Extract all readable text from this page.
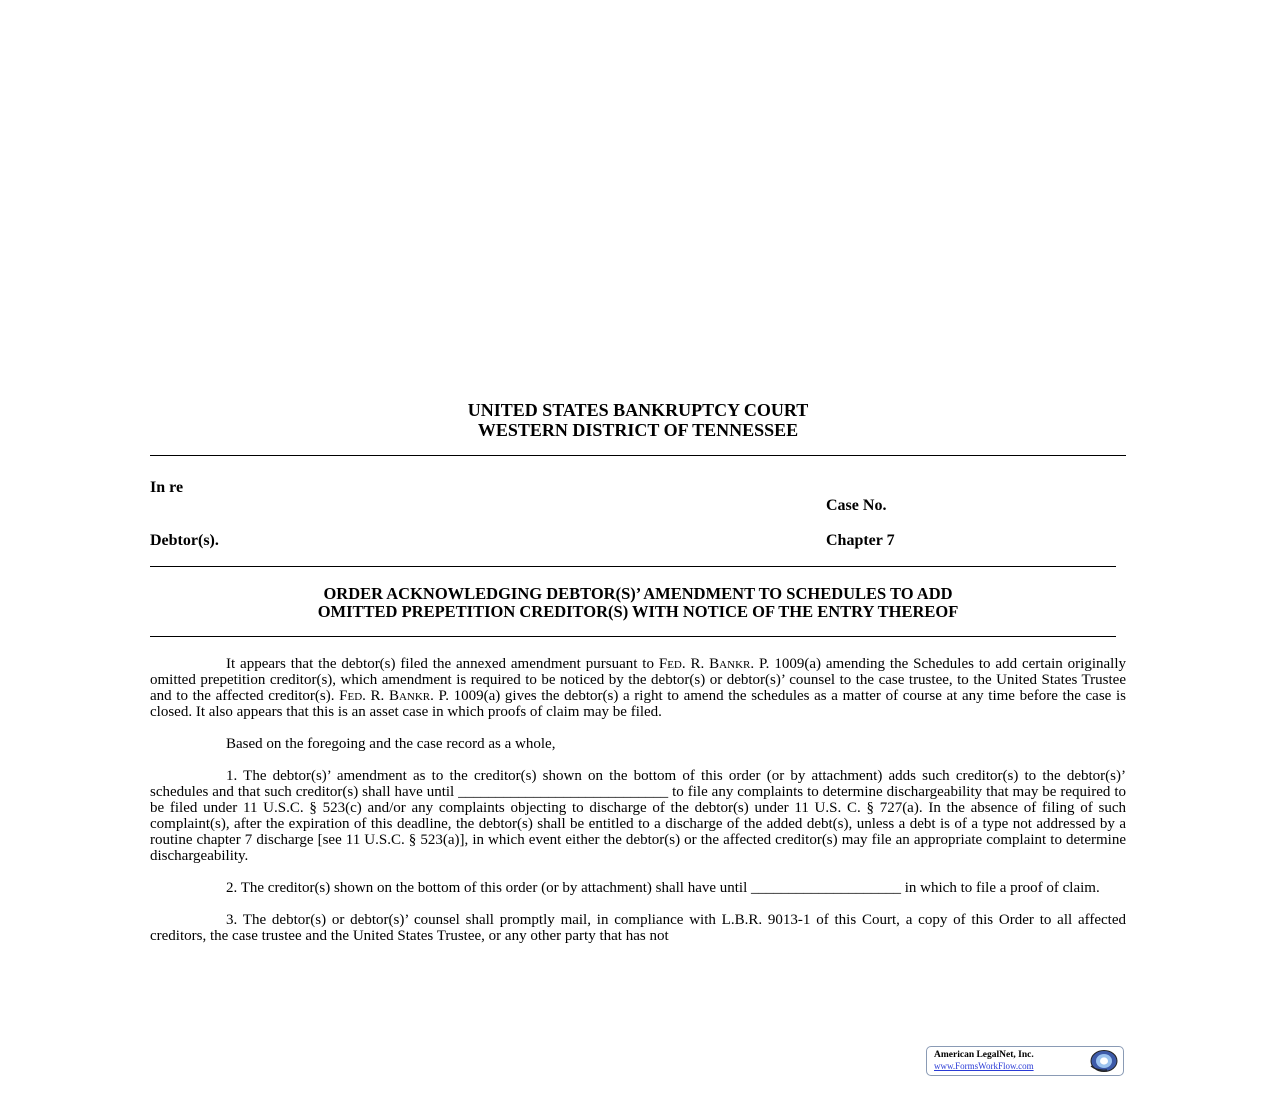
UNITED STATES BANKRUPTCY COURT
WESTERN DISTRICT OF TENNESSEE
In re
Case No.
Debtor(s).	Chapter 7
ORDER ACKNOWLEDGING DEBTOR(S)’ AMENDMENT TO SCHEDULES TO ADD
OMITTED PREPETITION CREDITOR(S) WITH NOTICE OF THE ENTRY THEREOF

It appears that the debtor(s) filed the annexed amendment pursuant to Fed. R. Bankr. P. 1009(a) amending the Schedules to add certain originally omitted prepetition creditor(s), which amendment is required to be noticed by the debtor(s) or debtor(s)’ counsel to the case trustee, to the United States Trustee and to the affected creditor(s). Fed. R. Bankr. P. 1009(a) gives the debtor(s) a right to amend the schedules as a matter of course at any time before the case is closed. It also appears that this is an asset case in which proofs of claim may be filed.

Based on the foregoing and the case record as a whole,

1. The debtor(s)’ amendment as to the creditor(s) shown on the bottom of this order (or by attachment) adds such creditor(s) to the debtor(s)’ schedules and that such creditor(s) shall have until ____________________________ to file any complaints to determine dischargeability that may be required to be filed under 11 U.S.C. § 523(c) and/or any complaints objecting to discharge of the debtor(s) under 11 U.S. C. § 727(a). In the absence of filing of such complaint(s), after the expiration of this deadline, the debtor(s) shall be entitled to a discharge of the added debt(s), unless a debt is of a type not addressed by a routine chapter 7 discharge [see 11 U.S.C. § 523(a)], in which event either the debtor(s) or the affected creditor(s) may file an appropriate complaint to determine dischargeability.

2. The creditor(s) shown on the bottom of this order (or by attachment) shall have until ____________________ in which to file a proof of claim.

3. The debtor(s) or debtor(s)’ counsel shall promptly mail, in compliance with L.B.R. 9013-1 of this Court, a copy of this Order to all affected creditors, the case trustee and the United States Trustee, or any other party that has not

American LegalNet, Inc.
www.FormsWorkFlow.com
